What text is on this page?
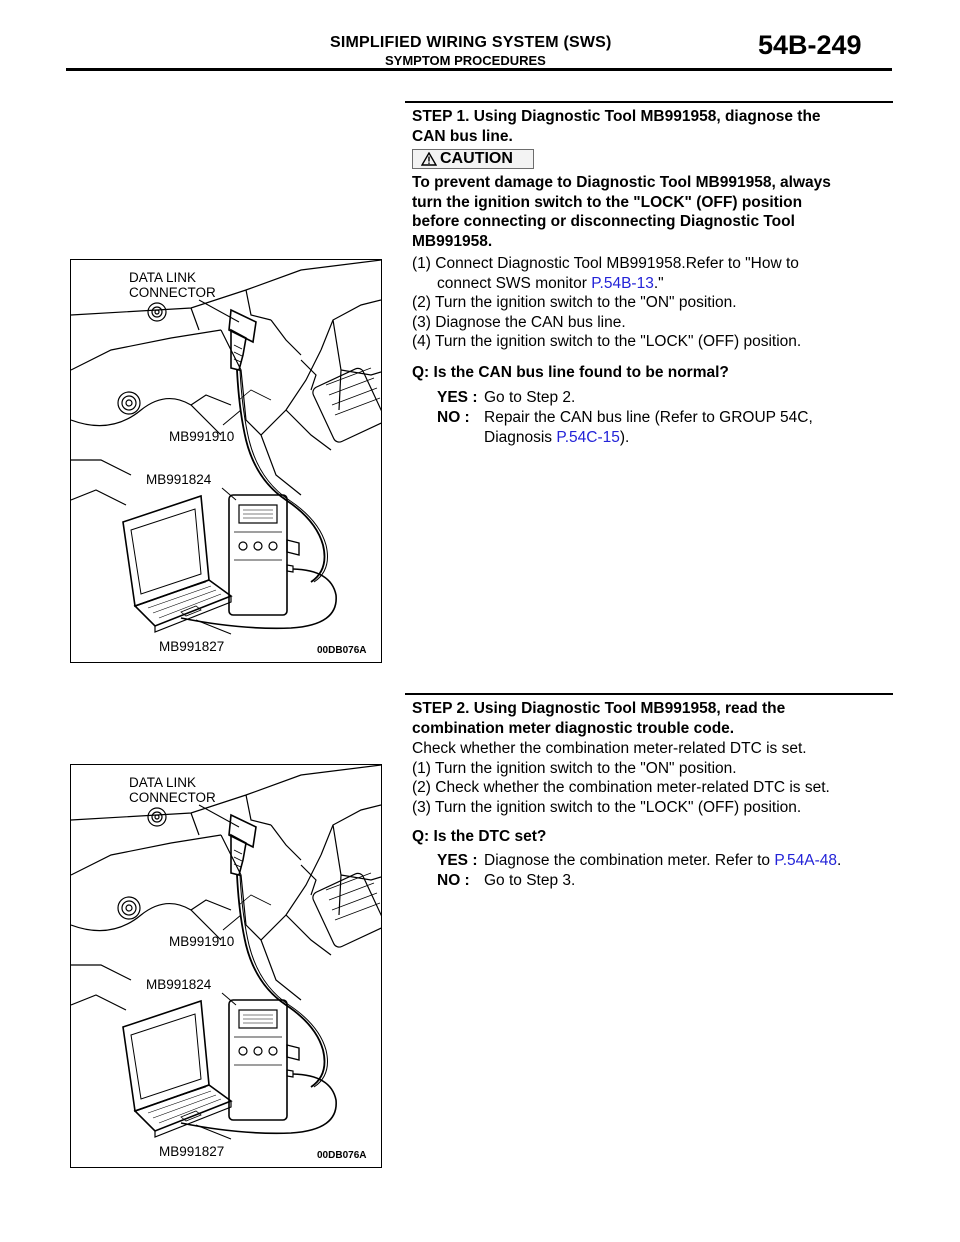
SIMPLIFIED WIRING SYSTEM (SWS)
SYMPTOM PROCEDURES
54B-249
STEP 1. Using Diagnostic Tool MB991958, diagnose the
CAN bus line.
CAUTION
To prevent damage to Diagnostic Tool MB991958, always
turn the ignition switch to the "LOCK" (OFF) position
before connecting or disconnecting Diagnostic Tool
MB991958.
(1) Connect Diagnostic Tool MB991958.Refer to "How to
connect SWS monitor P.54B-13."
(2) Turn the ignition switch to the "ON" position.
(3) Diagnose the CAN bus line.
(4) Turn the ignition switch to the "LOCK" (OFF) position.
Q: Is the CAN bus line found to be normal?
YES : Go to Step 2.
NO : Repair the CAN bus line (Refer to GROUP 54C,
Diagnosis P.54C-15).
STEP 2. Using Diagnostic Tool MB991958, read the
combination meter diagnostic trouble code.
Check whether the combination meter-related DTC is set.
(1) Turn the ignition switch to the "ON" position.
(2) Check whether the combination meter-related DTC is set.
(3) Turn the ignition switch to the "LOCK" (OFF) position.
Q: Is the DTC set?
YES : Diagnose the combination meter. Refer to P.54A-48.
NO : Go to Step 3.
DATA LINK
CONNECTOR
MB991910
MB991824
MB991827	00DB076A
DATA LINK
CONNECTOR
MB991910
MB991824
MB991827	00DB076A
